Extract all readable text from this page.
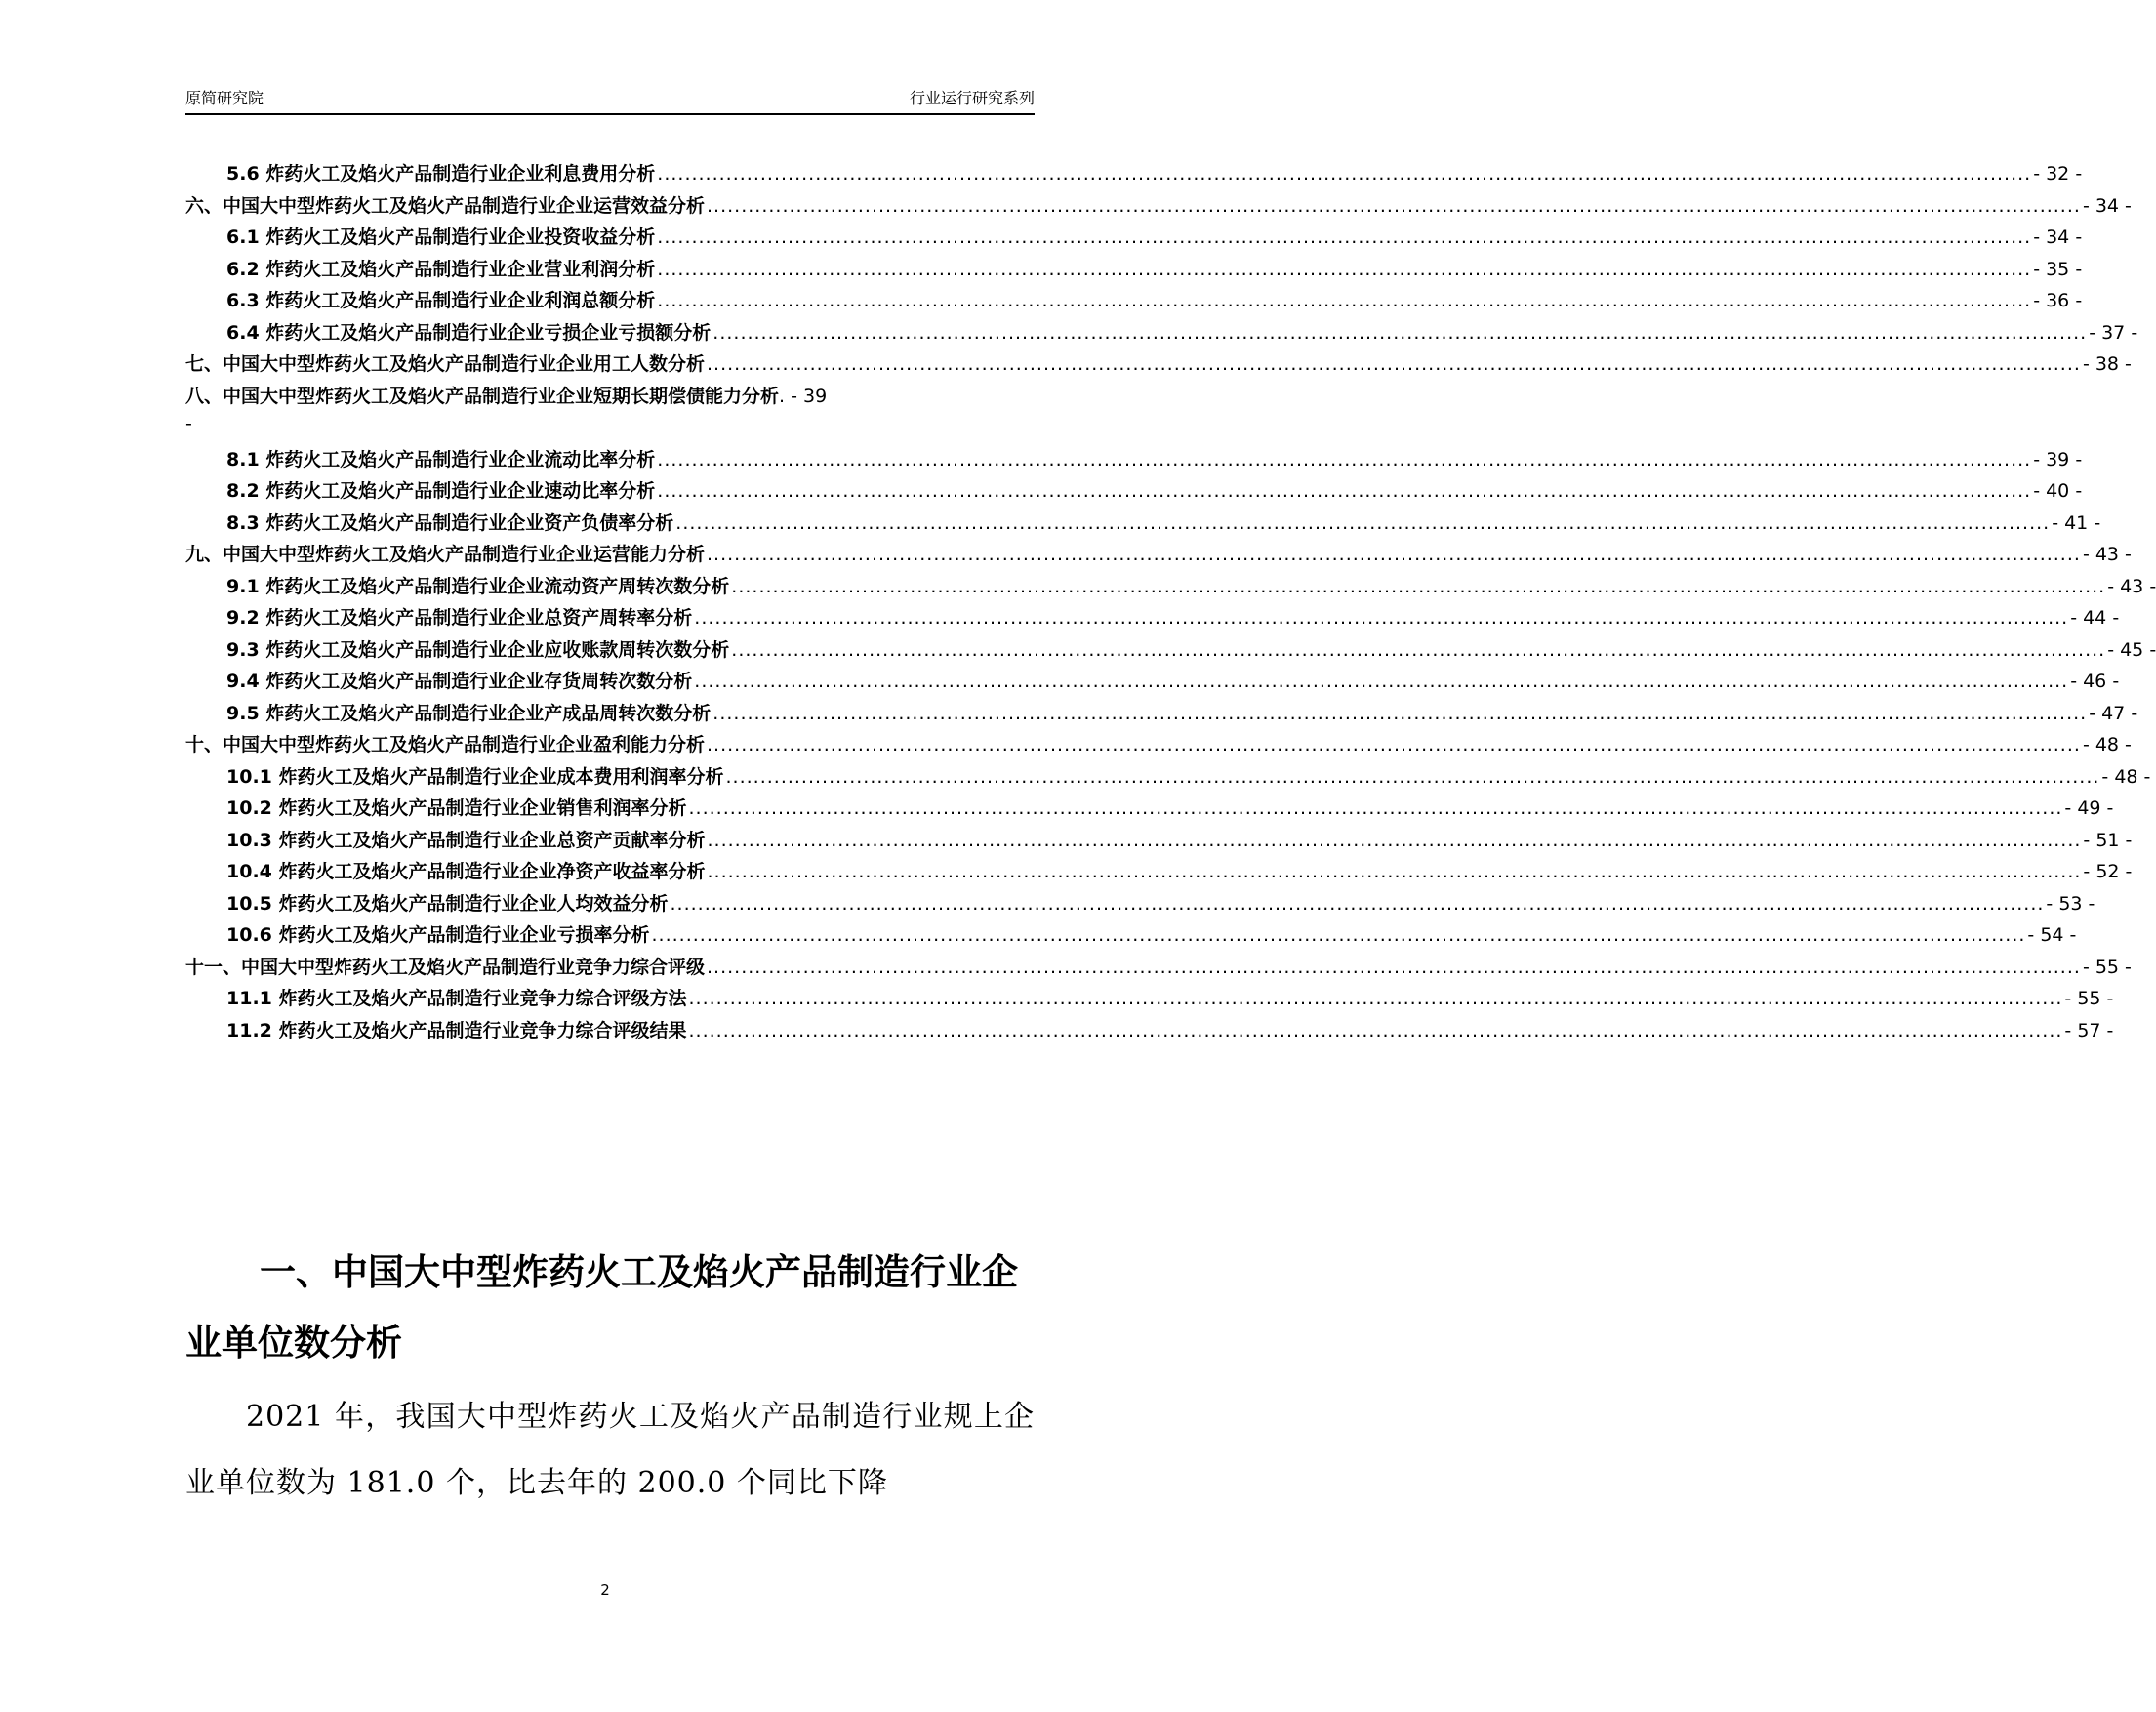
原简研究院	行业运行研究系列
5.6 炸药火工及焰火产品制造行业企业利息费用分析 ........................................................................................................................................................................................................ - 32 -
六、中国大中型炸药火工及焰火产品制造行业企业运营效益分析 ........................................................................................................................................................................................................ - 34 -
6.1 炸药火工及焰火产品制造行业企业投资收益分析 ........................................................................................................................................................................................................ - 34 -
6.2 炸药火工及焰火产品制造行业企业营业利润分析 ........................................................................................................................................................................................................ - 35 -
6.3 炸药火工及焰火产品制造行业企业利润总额分析 ........................................................................................................................................................................................................ - 36 -
6.4 炸药火工及焰火产品制造行业企业亏损企业亏损额分析 ........................................................................................................................................................................................................ - 37 -
七、中国大中型炸药火工及焰火产品制造行业企业用工人数分析 ........................................................................................................................................................................................................ - 38 -
八、中国大中型炸药火工及焰火产品制造行业企业短期长期偿债能力分析 . - 39
-
8.1 炸药火工及焰火产品制造行业企业流动比率分析 ........................................................................................................................................................................................................ - 39 -
8.2 炸药火工及焰火产品制造行业企业速动比率分析 ........................................................................................................................................................................................................ - 40 -
8.3 炸药火工及焰火产品制造行业企业资产负债率分析 ........................................................................................................................................................................................................ - 41 -
九、中国大中型炸药火工及焰火产品制造行业企业运营能力分析 ........................................................................................................................................................................................................ - 43 -
9.1 炸药火工及焰火产品制造行业企业流动资产周转次数分析 ........................................................................................................................................................................................................ - 43 -
9.2 炸药火工及焰火产品制造行业企业总资产周转率分析 ........................................................................................................................................................................................................ - 44 -
9.3 炸药火工及焰火产品制造行业企业应收账款周转次数分析 ........................................................................................................................................................................................................ - 45 -
9.4 炸药火工及焰火产品制造行业企业存货周转次数分析 ........................................................................................................................................................................................................ - 46 -
9.5 炸药火工及焰火产品制造行业企业产成品周转次数分析 ........................................................................................................................................................................................................ - 47 -
十、中国大中型炸药火工及焰火产品制造行业企业盈利能力分析 ........................................................................................................................................................................................................ - 48 -
10.1 炸药火工及焰火产品制造行业企业成本费用利润率分析 ........................................................................................................................................................................................................ - 48 -
10.2 炸药火工及焰火产品制造行业企业销售利润率分析 ........................................................................................................................................................................................................ - 49 -
10.3 炸药火工及焰火产品制造行业企业总资产贡献率分析 ........................................................................................................................................................................................................ - 51 -
10.4 炸药火工及焰火产品制造行业企业净资产收益率分析 ........................................................................................................................................................................................................ - 52 -
10.5 炸药火工及焰火产品制造行业企业人均效益分析 ........................................................................................................................................................................................................ - 53 -
10.6 炸药火工及焰火产品制造行业企业亏损率分析 ........................................................................................................................................................................................................ - 54 -
十一、中国大中型炸药火工及焰火产品制造行业竞争力综合评级 ........................................................................................................................................................................................................ - 55 -
11.1 炸药火工及焰火产品制造行业竞争力综合评级方法 ........................................................................................................................................................................................................ - 55 -
11.2 炸药火工及焰火产品制造行业竞争力综合评级结果 ........................................................................................................................................................................................................ - 57 -
一、中国大中型炸药火工及焰火产品制造行业企业单位数分析
2021 年，我国大中型炸药火工及焰火产品制造行业规上企业单位数为 181.0 个，比去年的 200.0 个同比下降
2
